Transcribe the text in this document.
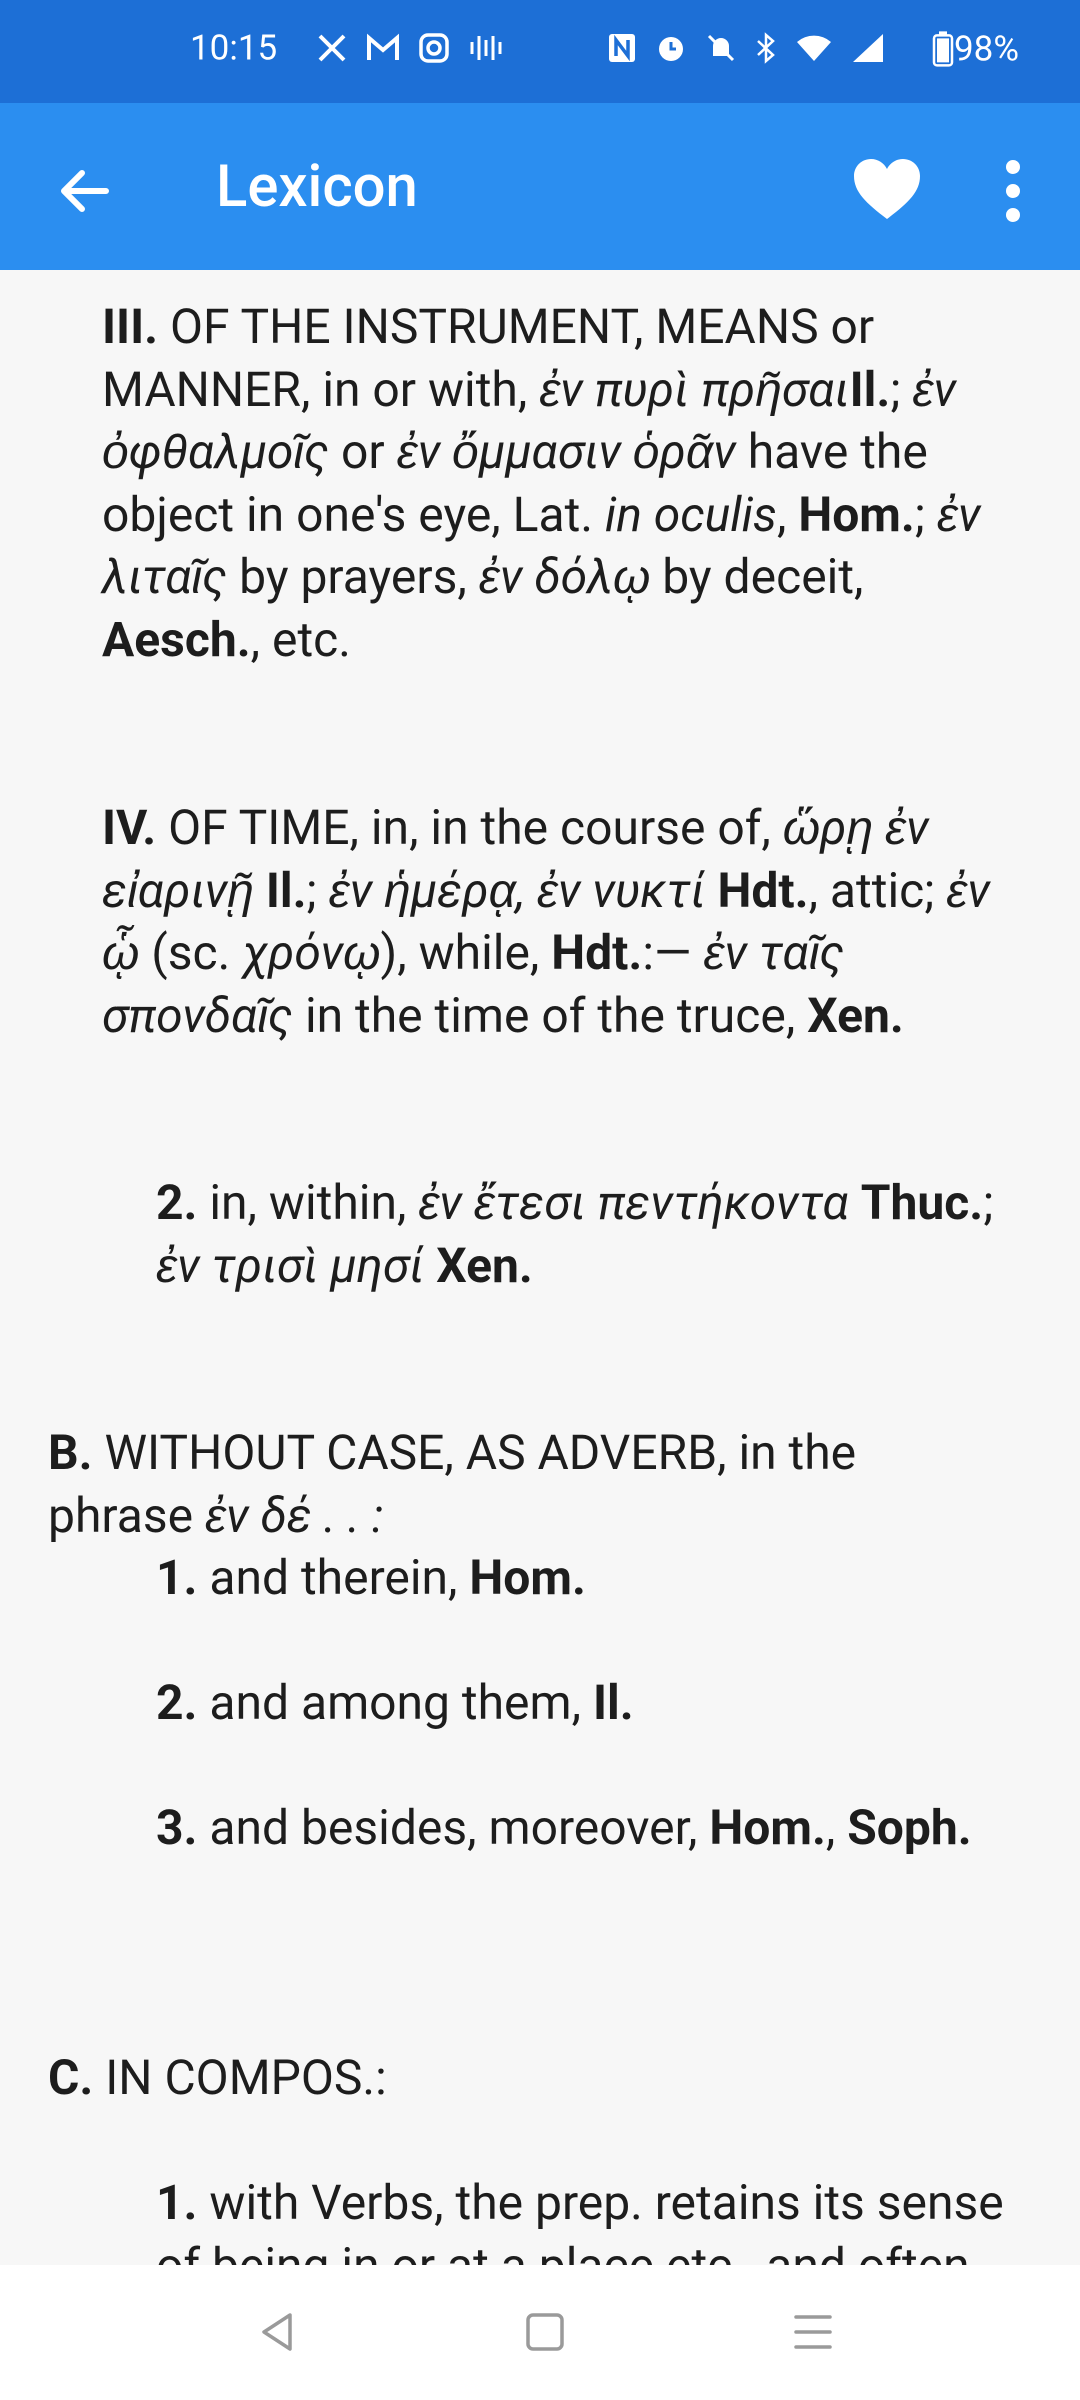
10:15	98%
Lexicon

III. OF THE INSTRUMENT, MEANS or MANNER, in or with, ἐν πυρὶ πρῆσαιIl.; ἐν ὀφθαλμοῖς or ἐν ὄμμασιν ὁρᾶν have the object in one's eye, Lat. in oculis, Hom.; ἐν λιταῖς by prayers, ἐν δόλῳ by deceit, Aesch., etc.

IV. OF TIME, in, in the course of, ὥρῃ ἐν εἰαρινῇ Il.; ἐν ἡμέρᾳ, ἐν νυκτί Hdt., attic; ἐν ᾧ (sc. χρόνῳ), while, Hdt.:— ἐν ταῖς σπονδαῖς in the time of the truce, Xen.

2. in, within, ἐν ἔτεσι πεντήκοντα Thuc.; ἐν τρισὶ μησί Xen.

B. WITHOUT CASE, AS ADVERB, in the phrase ἐν δέ . . :

1. and therein, Hom.

2. and among them, Il.

3. and besides, moreover, Hom., Soph.

C. IN COMPOS.:

1. with Verbs, the prep. retains its sense
